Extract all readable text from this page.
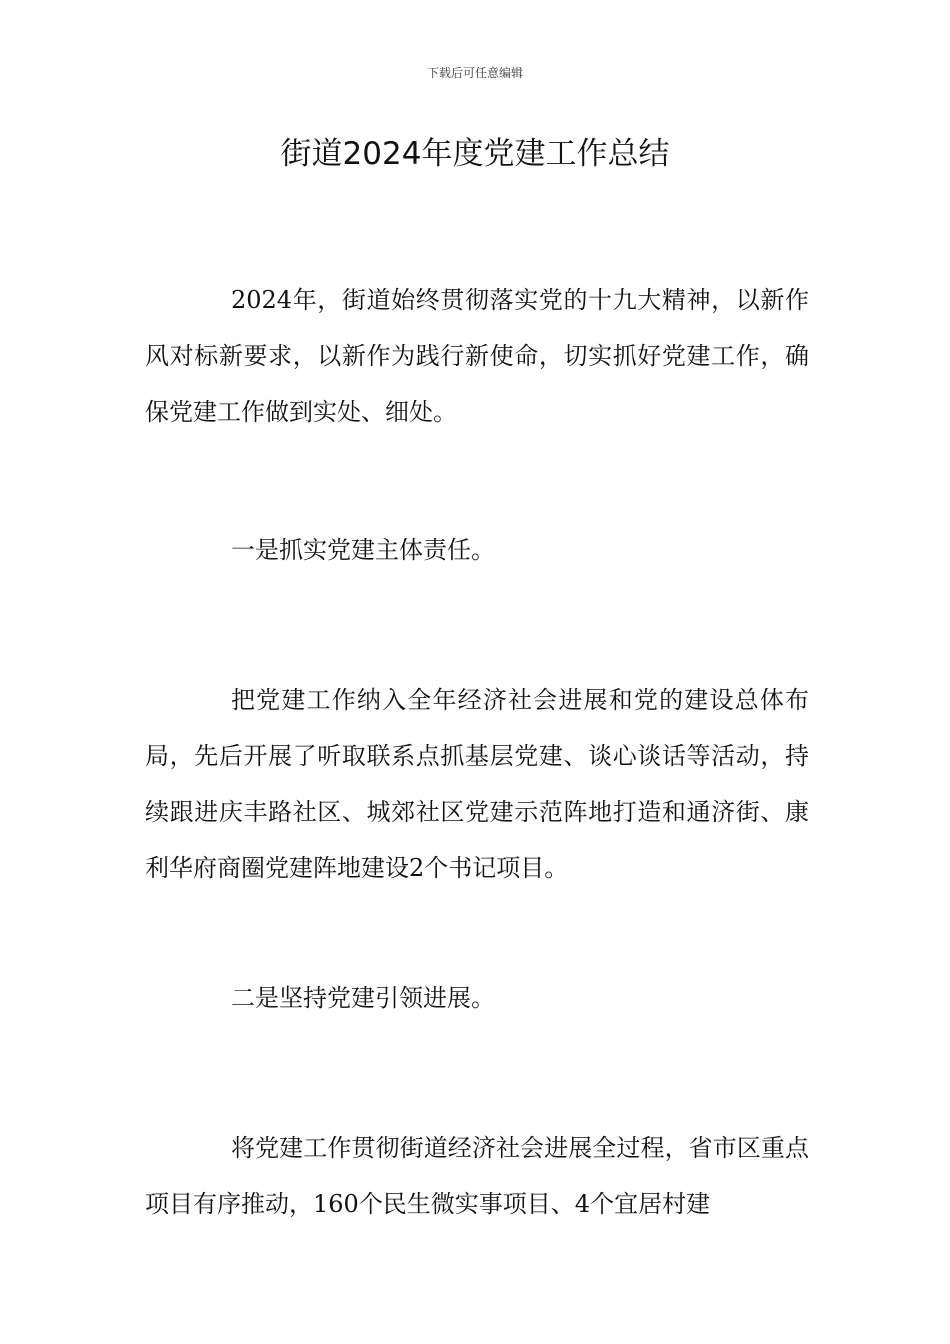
下载后可任意编辑
街道2024年度党建工作总结

2024年，街道始终贯彻落实党的十九大精神，以新作风对标新要求，以新作为践行新使命，切实抓好党建工作，确保党建工作做到实处、细处。

一是抓实党建主体责任。

把党建工作纳入全年经济社会进展和党的建设总体布局，先后开展了听取联系点抓基层党建、谈心谈话等活动，持续跟进庆丰路社区、城郊社区党建示范阵地打造和通济街、康利华府商圈党建阵地建设2个书记项目。

二是坚持党建引领进展。

将党建工作贯彻街道经济社会进展全过程，省市区重点项目有序推动，160个民生微实事项目、4个宜居村建
